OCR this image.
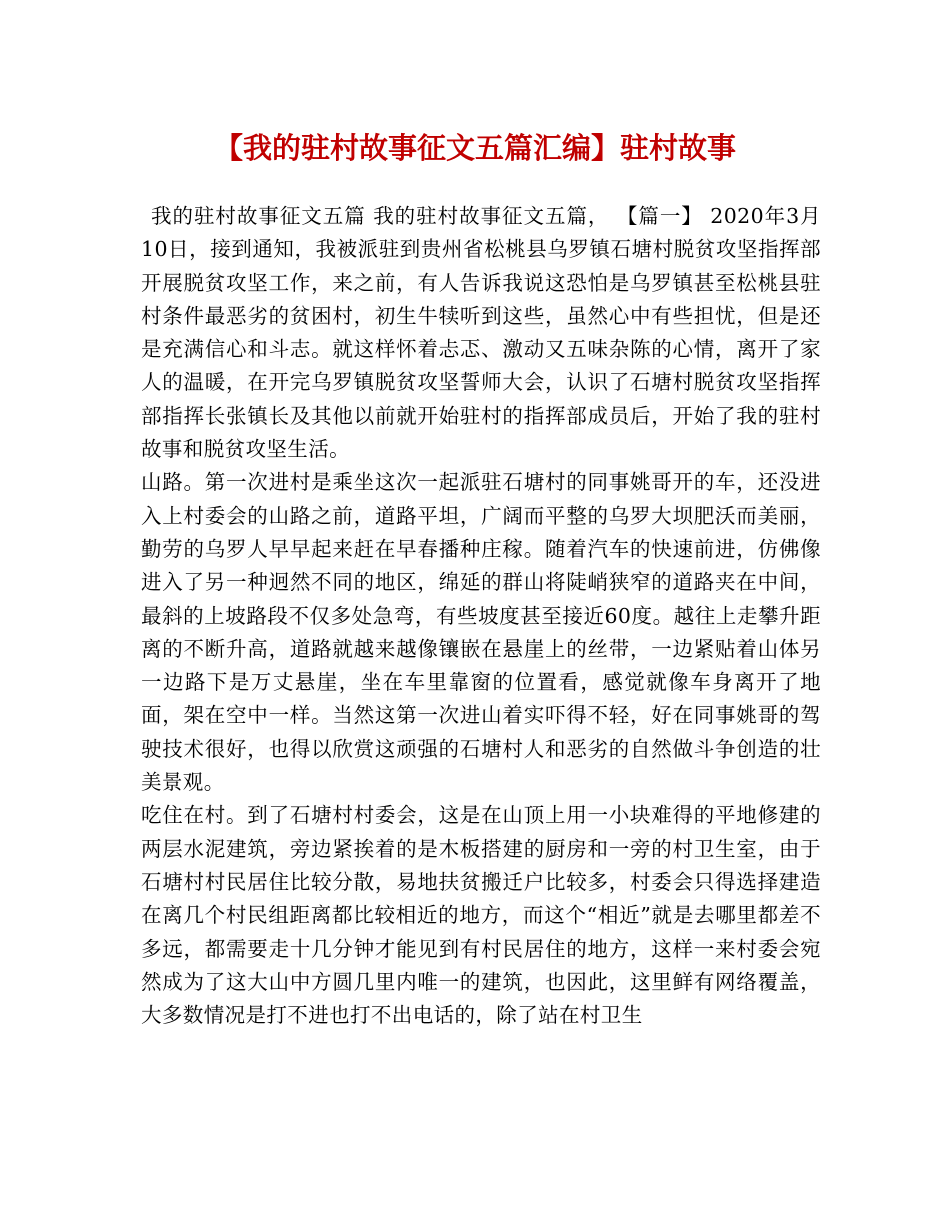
【我的驻村故事征文五篇汇编】驻村故事

我的驻村故事征文五篇 我的驻村故事征文五篇， 【篇一】 2020年3月10日，接到通知，我被派驻到贵州省松桃县乌罗镇石塘村脱贫攻坚指挥部开展脱贫攻坚工作，来之前，有人告诉我说这恐怕是乌罗镇甚至松桃县驻村条件最恶劣的贫困村，初生牛犊听到这些，虽然心中有些担忧，但是还是充满信心和斗志。就这样怀着忐忑、激动又五味杂陈的心情，离开了家人的温暖，在开完乌罗镇脱贫攻坚誓师大会，认识了石塘村脱贫攻坚指挥部指挥长张镇长及其他以前就开始驻村的指挥部成员后，开始了我的驻村故事和脱贫攻坚生活。

山路。第一次进村是乘坐这次一起派驻石塘村的同事姚哥开的车，还没进入上村委会的山路之前，道路平坦，广阔而平整的乌罗大坝肥沃而美丽，勤劳的乌罗人早早起来赶在早春播种庄稼。随着汽车的快速前进，仿佛像进入了另一种迥然不同的地区，绵延的群山将陡峭狭窄的道路夹在中间，最斜的上坡路段不仅多处急弯，有些坡度甚至接近60度。越往上走攀升距离的不断升高，道路就越来越像镶嵌在悬崖上的丝带，一边紧贴着山体另一边路下是万丈悬崖，坐在车里靠窗的位置看，感觉就像车身离开了地面，架在空中一样。当然这第一次进山着实吓得不轻，好在同事姚哥的驾驶技术很好，也得以欣赏这顽强的石塘村人和恶劣的自然做斗争创造的壮美景观。

吃住在村。到了石塘村村委会，这是在山顶上用一小块难得的平地修建的两层水泥建筑，旁边紧挨着的是木板搭建的厨房和一旁的村卫生室，由于石塘村村民居住比较分散，易地扶贫搬迁户比较多，村委会只得选择建造在离几个村民组距离都比较相近的地方，而这个“相近”就是去哪里都差不多远，都需要走十几分钟才能见到有村民居住的地方，这样一来村委会宛然成为了这大山中方圆几里内唯一的建筑，也因此，这里鲜有网络覆盖，大多数情况是打不进也打不出电话的，除了站在村卫生
